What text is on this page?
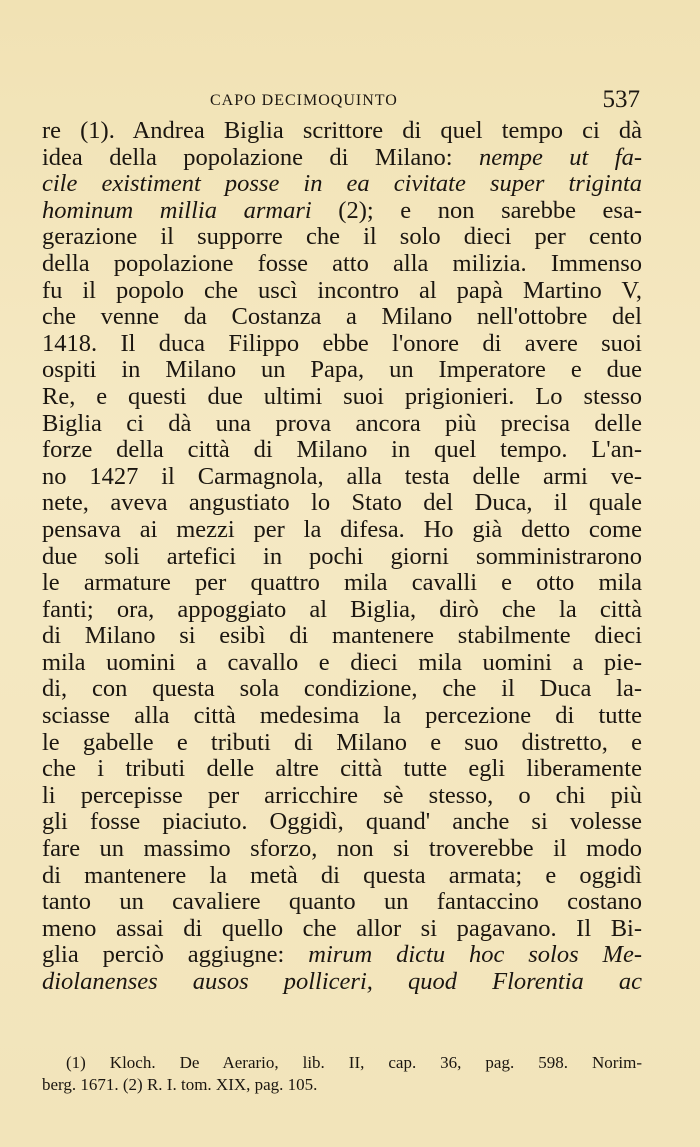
CAPO DECIMOQUINTO	537
re (1). Andrea Biglia scrittore di quel tempo ci dà
idea della popolazione di Milano: nempe ut fa-
cile existiment posse in ea civitate super triginta
hominum millia armari (2); e non sarebbe esa-
gerazione il supporre che il solo dieci per cento
della popolazione fosse atto alla milizia. Immenso
fu il popolo che uscì incontro al papà Martino V,
che venne da Costanza a Milano nell'ottobre del
1418. Il duca Filippo ebbe l'onore di avere suoi
ospiti in Milano un Papa, un Imperatore e due
Re, e questi due ultimi suoi prigionieri. Lo stesso
Biglia ci dà una prova ancora più precisa delle
forze della città di Milano in quel tempo. L'an-
no 1427 il Carmagnola, alla testa delle armi ve-
nete, aveva angustiato lo Stato del Duca, il quale
pensava ai mezzi per la difesa. Ho già detto come
due soli artefici in pochi giorni somministrarono
le armature per quattro mila cavalli e otto mila
fanti; ora, appoggiato al Biglia, dirò che la città
di Milano si esibì di mantenere stabilmente dieci
mila uomini a cavallo e dieci mila uomini a pie-
di, con questa sola condizione, che il Duca la-
sciasse alla città medesima la percezione di tutte
le gabelle e tributi di Milano e suo distretto, e
che i tributi delle altre città tutte egli liberamente
li percepisse per arricchire sè stesso, o chi più
gli fosse piaciuto. Oggidì, quand' anche si volesse
fare un massimo sforzo, non si troverebbe il modo
di mantenere la metà di questa armata; e oggidì
tanto un cavaliere quanto un fantaccino costano
meno assai di quello che allor si pagavano. Il Bi-
glia perciò aggiugne: mirum dictu hoc solos Me-
diolanenses ausos polliceri, quod Florentia ac
(1) Kloch. De Aerario, lib. II, cap. 36, pag. 598. Norim-
berg. 1671. (2) R. I. tom. XIX, pag. 105.
